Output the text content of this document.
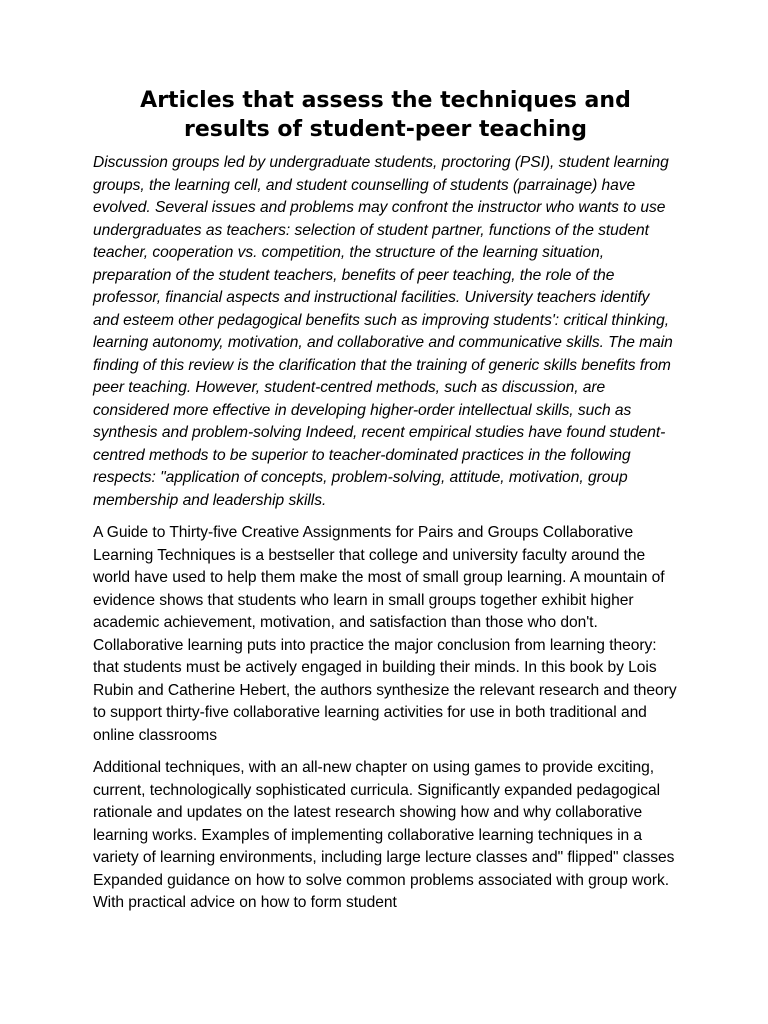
Articles that assess the techniques and results of student-peer teaching

Discussion groups led by undergraduate students, proctoring (PSI), student learning groups, the learning cell, and student counselling of students (parrainage) have evolved. Several issues and problems may confront the instructor who wants to use undergraduates as teachers: selection of student partner, functions of the student teacher, cooperation vs. competition, the structure of the learning situation, preparation of the student teachers, benefits of peer teaching, the role of the professor, financial aspects and instructional facilities. University teachers identify and esteem other pedagogical benefits such as improving students': critical thinking, learning autonomy, motivation, and collaborative and communicative skills. The main finding of this review is the clarification that the training of generic skills benefits from peer teaching. However, student-centred methods, such as discussion, are considered more effective in developing higher-order intellectual skills, such as synthesis and problem-solving Indeed, recent empirical studies have found student-centred methods to be superior to teacher-dominated practices in the following respects: "application of concepts, problem-solving, attitude, motivation, group membership and leadership skills.

A Guide to Thirty-five Creative Assignments for Pairs and Groups Collaborative Learning Techniques is a bestseller that college and university faculty around the world have used to help them make the most of small group learning. A mountain of evidence shows that students who learn in small groups together exhibit higher academic achievement, motivation, and satisfaction than those who don't. Collaborative learning puts into practice the major conclusion from learning theory: that students must be actively engaged in building their minds. In this book by Lois Rubin and Catherine Hebert, the authors synthesize the relevant research and theory to support thirty-five collaborative learning activities for use in both traditional and online classrooms

Additional techniques, with an all-new chapter on using games to provide exciting, current, technologically sophisticated curricula. Significantly expanded pedagogical rationale and updates on the latest research showing how and why collaborative learning works. Examples of implementing collaborative learning techniques in a variety of learning environments, including large lecture classes and" flipped" classes Expanded guidance on how to solve common problems associated with group work. With practical advice on how to form student
